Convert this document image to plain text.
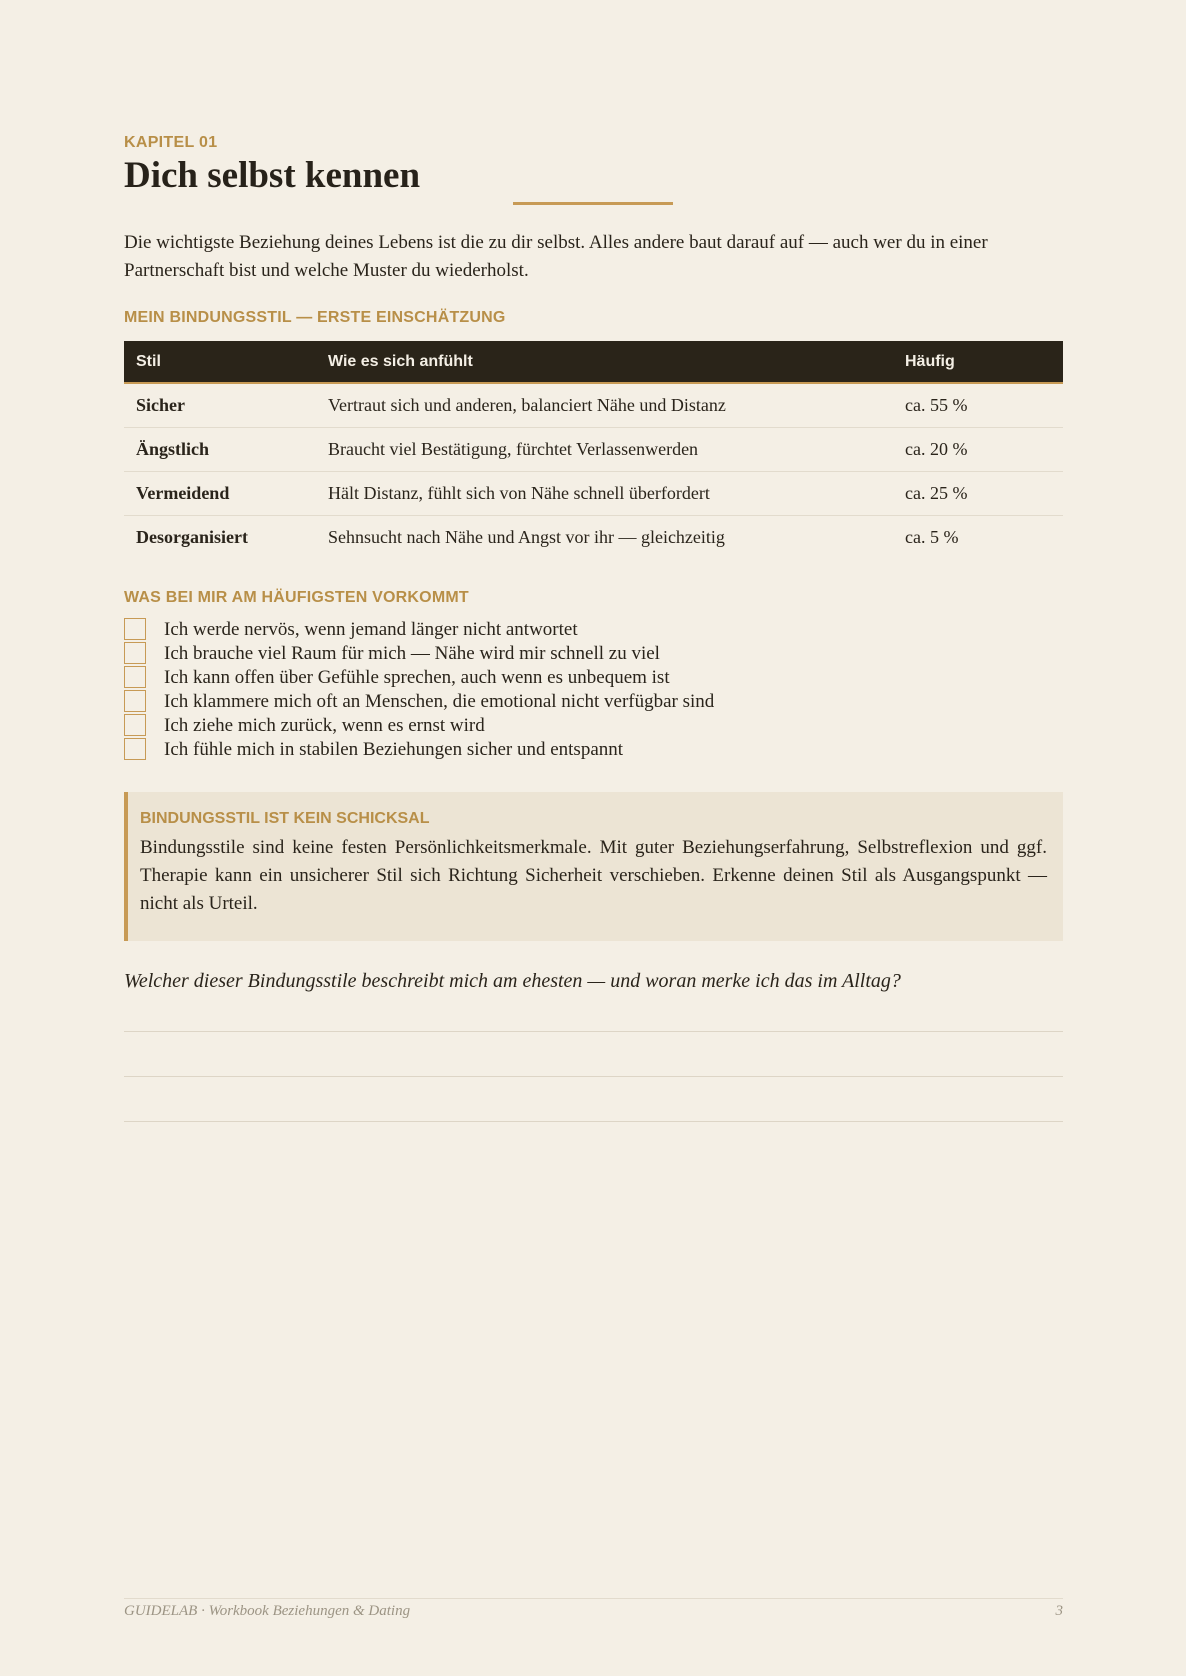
KAPITEL 01
Dich selbst kennen

Die wichtigste Beziehung deines Lebens ist die zu dir selbst. Alles andere baut darauf auf — auch wer du in einer Partnerschaft bist und welche Muster du wiederholst.

MEIN BINDUNGSSTIL — ERSTE EINSCHÄTZUNG
Stil	Wie es sich anfühlt	Häufig
Sicher	Vertraut sich und anderen, balanciert Nähe und Distanz	ca. 55 %
Ängstlich	Braucht viel Bestätigung, fürchtet Verlassenwerden	ca. 20 %
Vermeidend	Hält Distanz, fühlt sich von Nähe schnell überfordert	ca. 25 %
Desorganisiert	Sehnsucht nach Nähe und Angst vor ihr — gleichzeitig	ca. 5 %
WAS BEI MIR AM HÄUFIGSTEN VORKOMMT
Ich werde nervös, wenn jemand länger nicht antwortet
Ich brauche viel Raum für mich — Nähe wird mir schnell zu viel
Ich kann offen über Gefühle sprechen, auch wenn es unbequem ist
Ich klammere mich oft an Menschen, die emotional nicht verfügbar sind
Ich ziehe mich zurück, wenn es ernst wird
Ich fühle mich in stabilen Beziehungen sicher und entspannt
BINDUNGSSTIL IST KEIN SCHICKSAL

Bindungsstile sind keine festen Persönlichkeitsmerkmale. Mit guter Beziehungserfahrung, Selbstreflexion und ggf. Therapie kann ein unsicherer Stil sich Richtung Sicherheit verschieben. Erkenne deinen Stil als Ausgangspunkt — nicht als Urteil.

Welcher dieser Bindungsstile beschreibt mich am ehesten — und woran merke ich das im Alltag?

GUIDELAB · Workbook Beziehungen & Dating	3
